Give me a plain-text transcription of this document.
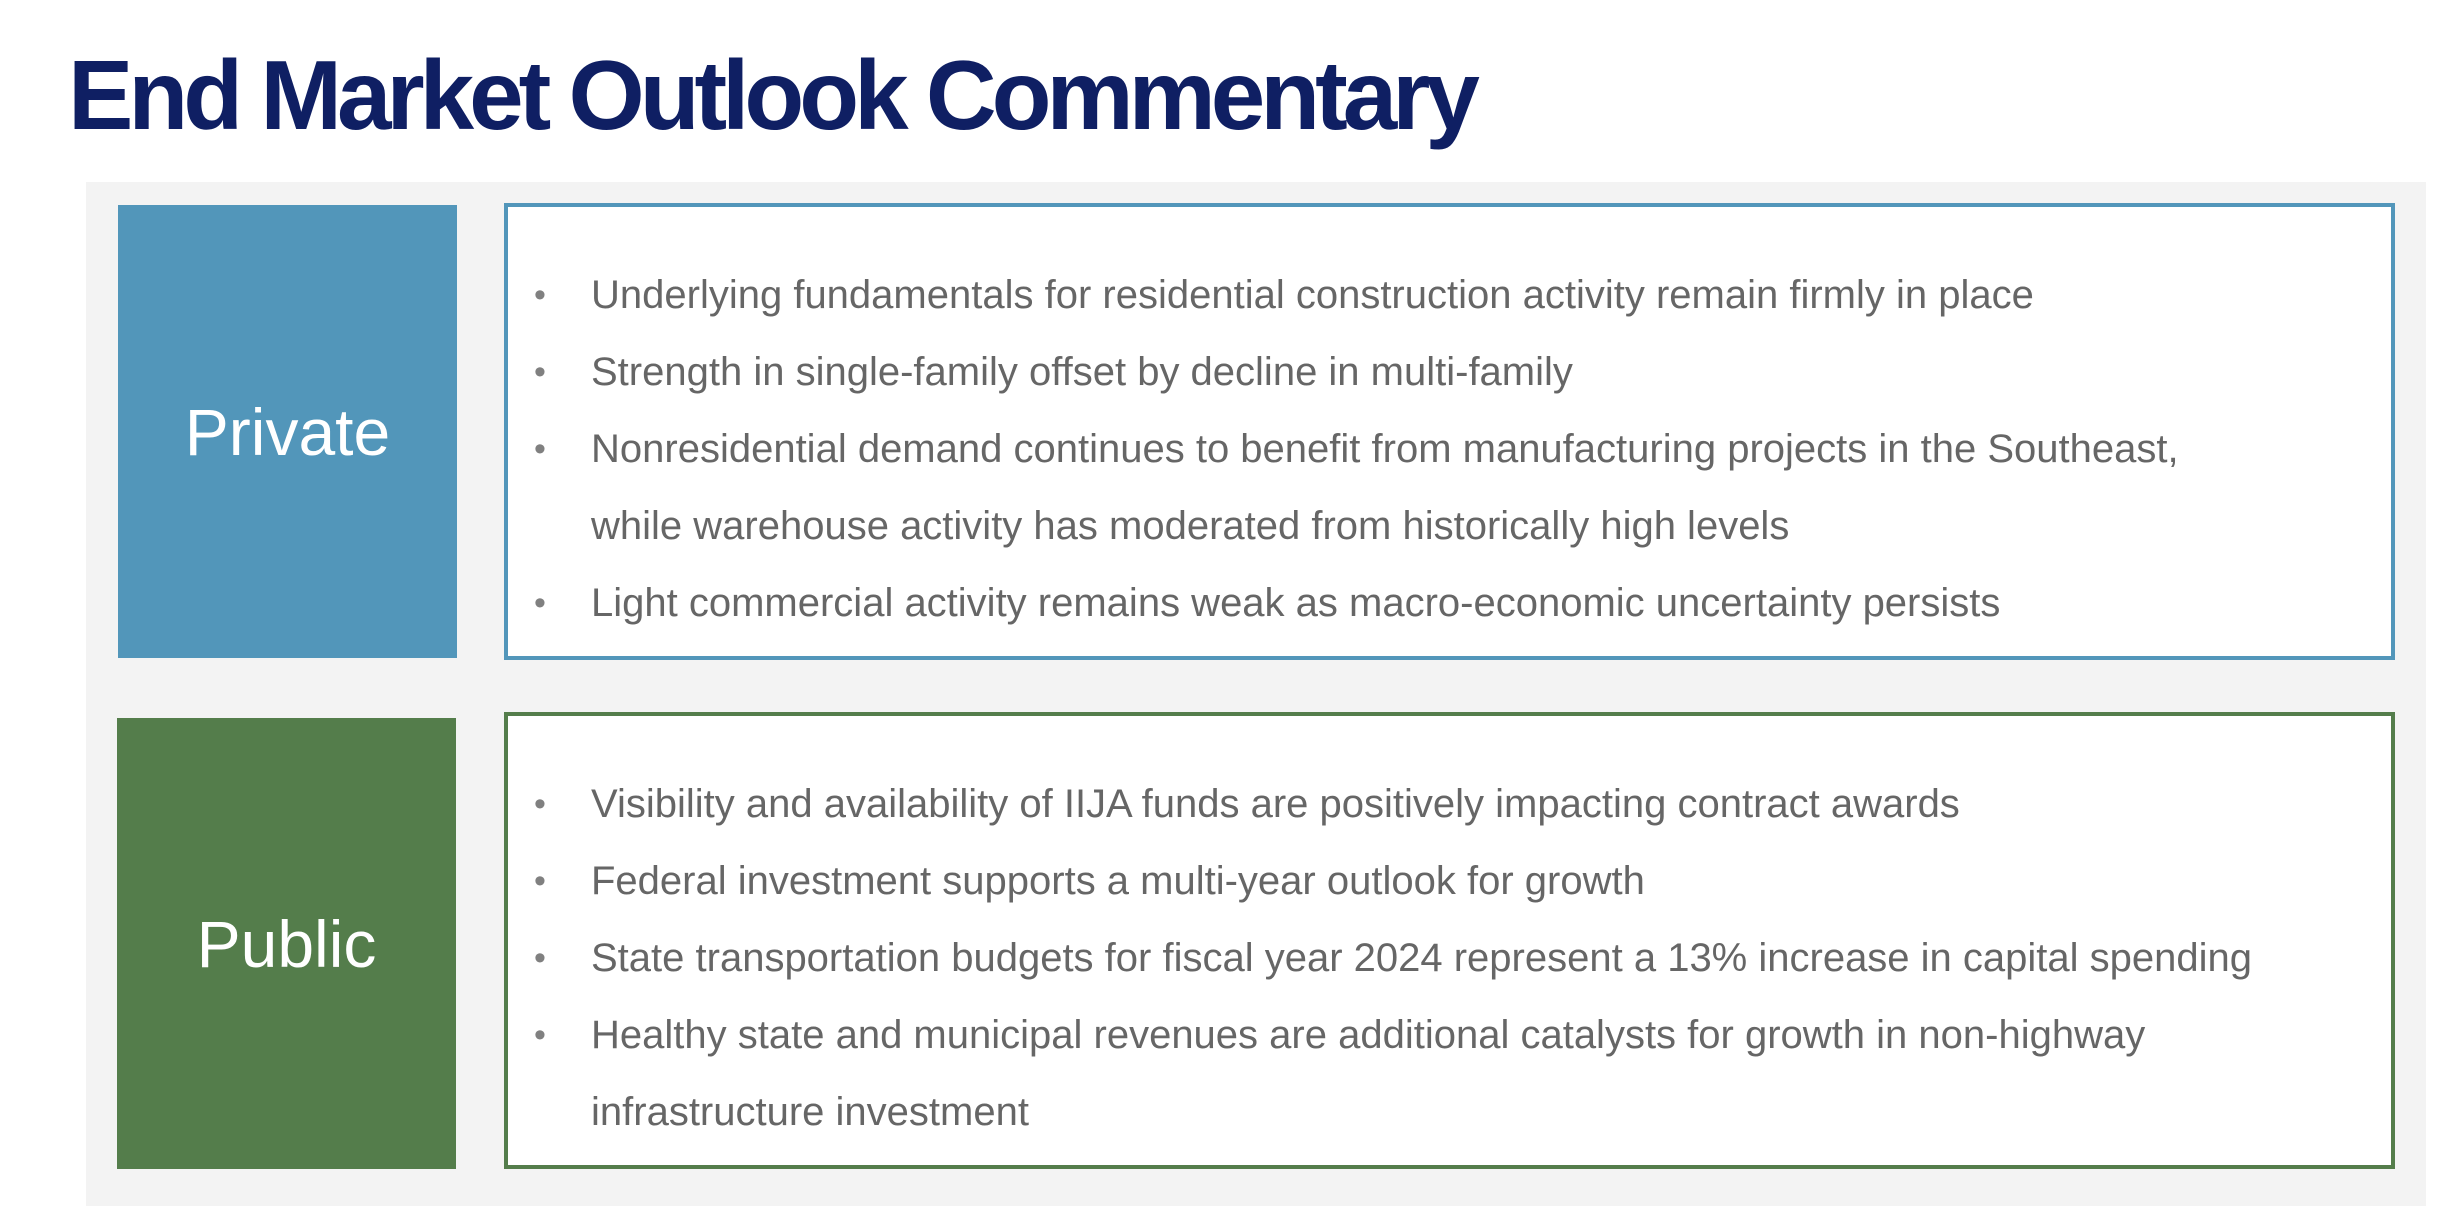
End Market Outlook Commentary
Private
• Underlying fundamentals for residential construction activity remain firmly in place
• Strength in single-family offset by decline in multi-family
• Nonresidential demand continues to benefit from manufacturing projects in the Southeast,
while warehouse activity has moderated from historically high levels
• Light commercial activity remains weak as macro-economic uncertainty persists
Public
• Visibility and availability of IIJA funds are positively impacting contract awards
• Federal investment supports a multi-year outlook for growth
• State transportation budgets for fiscal year 2024 represent a 13% increase in capital spending
• Healthy state and municipal revenues are additional catalysts for growth in non-highway
infrastructure investment
